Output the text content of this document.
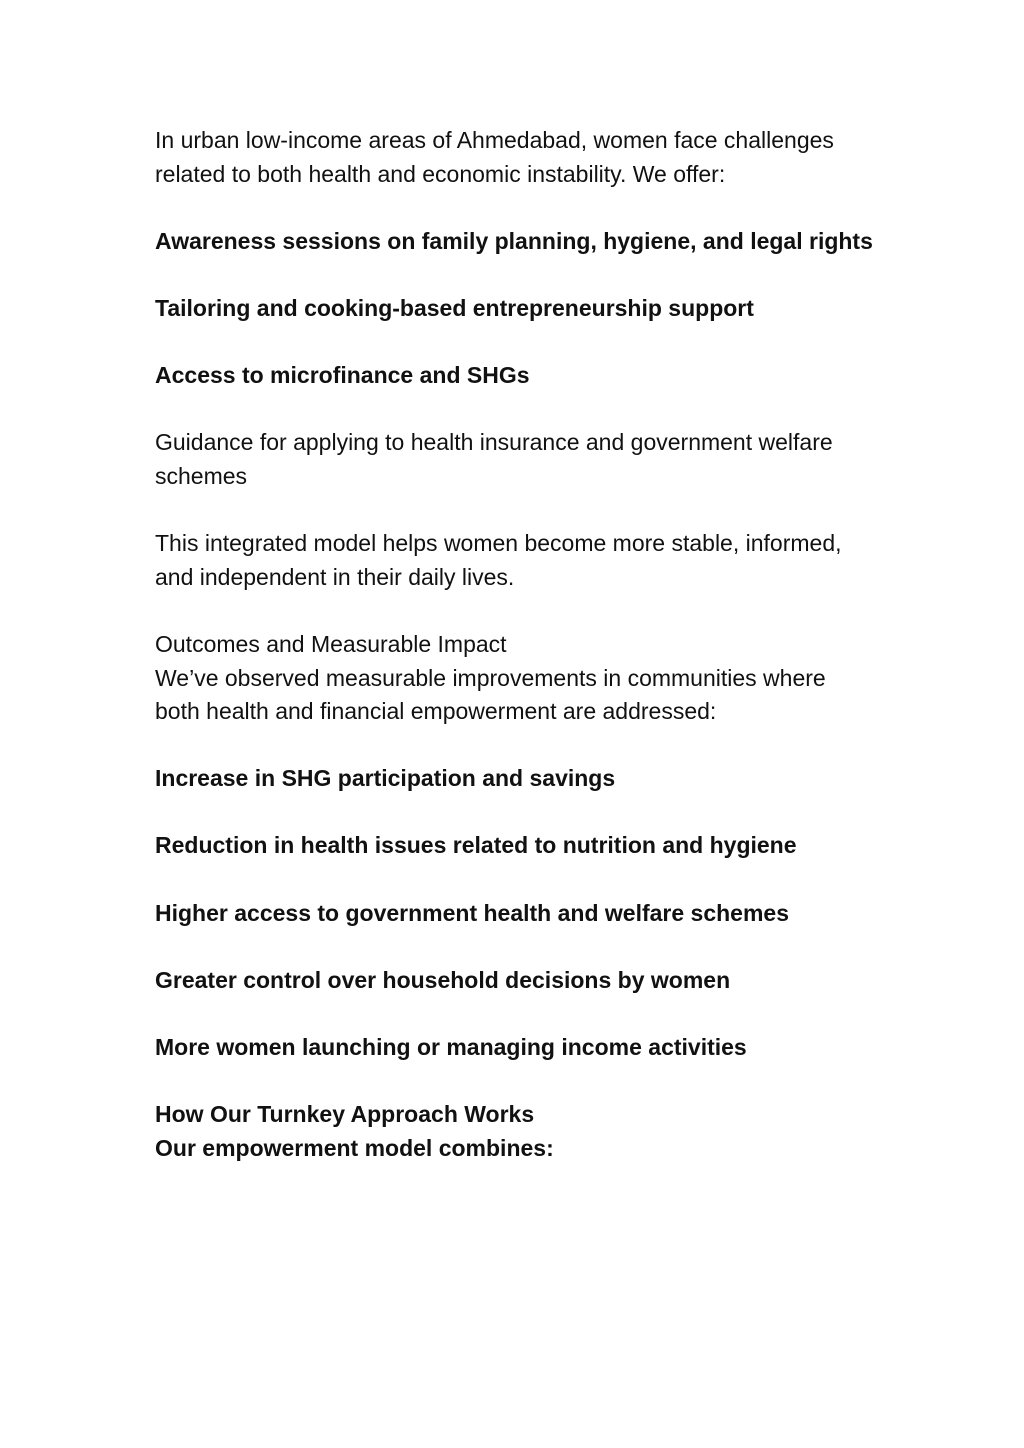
In urban low-income areas of Ahmedabad, women face challenges related to both health and economic instability. We offer:

Awareness sessions on family planning, hygiene, and legal rights

Tailoring and cooking-based entrepreneurship support

Access to microfinance and SHGs

Guidance for applying to health insurance and government welfare schemes

This integrated model helps women become more stable, informed, and independent in their daily lives.

Outcomes and Measurable Impact
We’ve observed measurable improvements in communities where both health and financial empowerment are addressed:

Increase in SHG participation and savings

Reduction in health issues related to nutrition and hygiene

Higher access to government health and welfare schemes

Greater control over household decisions by women

More women launching or managing income activities

How Our Turnkey Approach Works
Our empowerment model combines:
